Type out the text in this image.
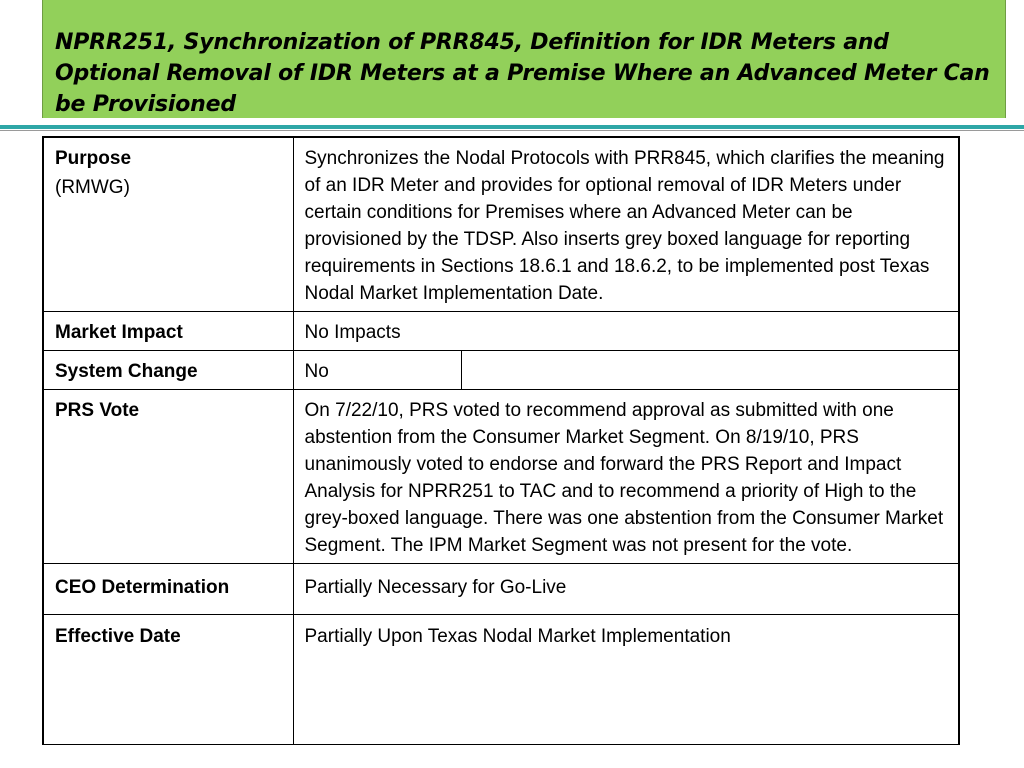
NPRR251, Synchronization of PRR845, Definition for IDR Meters and Optional Removal of IDR Meters at a Premise Where an Advanced Meter Can be Provisioned
Purpose
(RMWG)	Synchronizes the Nodal Protocols with PRR845, which clarifies the meaning of an IDR Meter and provides for optional removal of IDR Meters under certain conditions for Premises where an Advanced Meter can be provisioned by the TDSP. Also inserts grey boxed language for reporting requirements in Sections 18.6.1 and 18.6.2, to be implemented post Texas Nodal Market Implementation Date.	
Market Impact	No Impacts	
System Change	No	
PRS Vote	On 7/22/10, PRS voted to recommend approval as submitted with one abstention from the Consumer Market Segment. On 8/19/10, PRS unanimously voted to endorse and forward the PRS Report and Impact Analysis for NPRR251 to TAC and to recommend a priority of High to the grey-boxed language. There was one abstention from the Consumer Market Segment. The IPM Market Segment was not present for the vote.	
CEO Determination	Partially Necessary for Go-Live	
Effective Date	Partially Upon Texas Nodal Market Implementation	
